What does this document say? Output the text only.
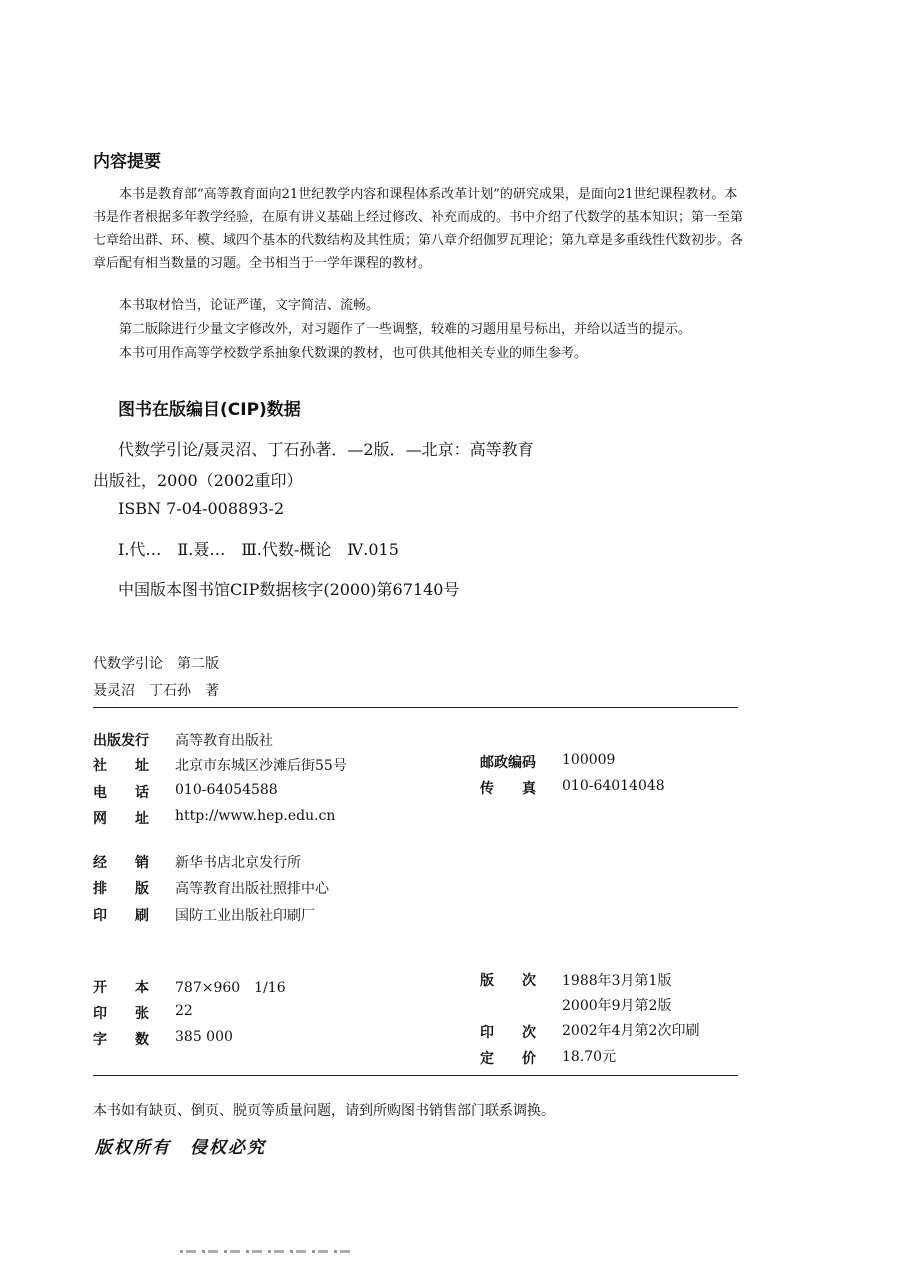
内容提要
本书是教育部“高等教育面向21世纪教学内容和课程体系改革计划”的研究成果，是面向21世纪课程教材。本书是作者根据多年教学经验，在原有讲义基础上经过修改、补充而成的。书中介绍了代数学的基本知识；第一至第七章给出群、环、模、域四个基本的代数结构及其性质；第八章介绍伽罗瓦理论；第九章是多重线性代数初步。各章后配有相当数量的习题。全书相当于一学年课程的教材。
本书取材恰当，论证严谨，文字简洁、流畅。
第二版除进行少量文字修改外，对习题作了一些调整，较难的习题用星号标出，并给以适当的提示。
本书可用作高等学校数学系抽象代数课的教材，也可供其他相关专业的师生参考。
图书在版编目(CIP)数据
代数学引论/聂灵沼、丁石孙著．—2版．—北京：高等教育
出版社，2000（2002重印）
ISBN 7-04-008893-2
Ⅰ.代…　Ⅱ.聂…　Ⅲ.代数-概论　Ⅳ.015
中国版本图书馆CIP数据核字(2000)第67140号
代数学引论　第二版
聂灵沼　丁石孙　著
出版发行 高等教育出版社
社　　址 北京市东城区沙滩后街55号	邮政编码 100009
电　　话 010-64054588	传　　真 010-64014048
网　　址 http://www.hep.edu.cn
经　　销 新华书店北京发行所
排　　版 高等教育出版社照排中心
印　　刷 国防工业出版社印刷厂
开　　本 787×960　1/16	版　　次 1988年3月第1版
2000年9月第2版
印　　张 22
字　　数 385 000	印　　次 2002年4月第2次印刷
定　　价 18.70元
本书如有缺页、倒页、脱页等质量问题，请到所购图书销售部门联系调换。
版权所有　侵权必究
